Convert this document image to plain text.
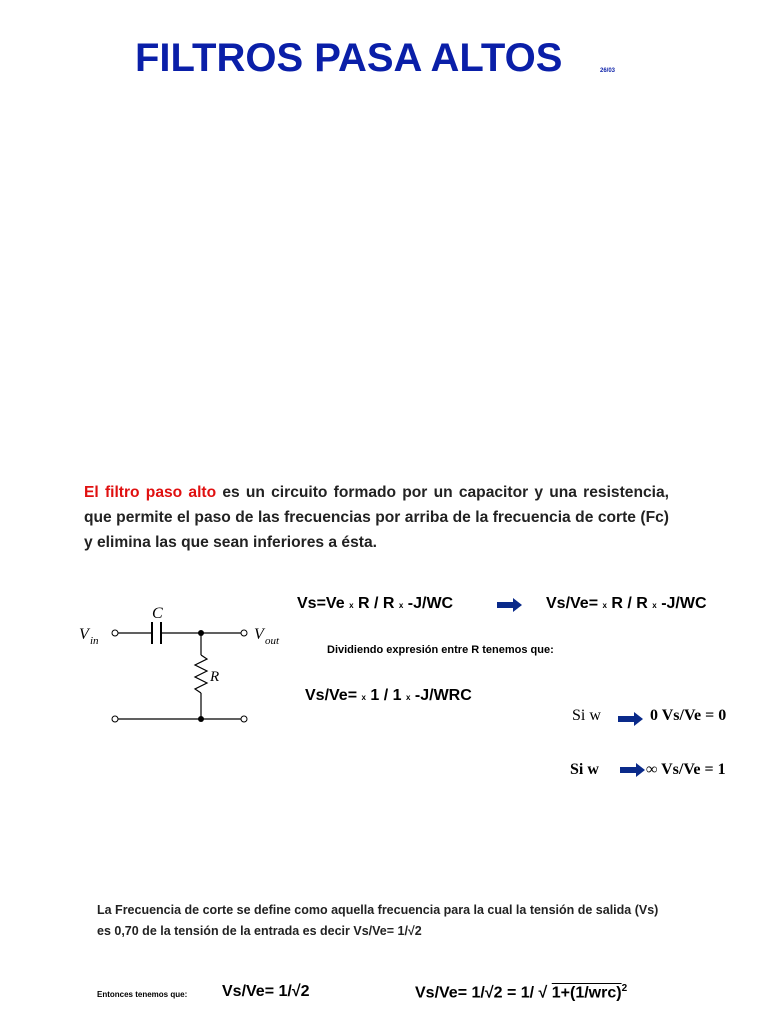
FILTROS PASA ALTOS	26/03
El filtro paso alto es un circuito formado por un capacitor y una resistencia, que permite el paso de las frecuencias por arriba de la frecuencia de corte (Fc) y elimina las que sean inferiores a ésta.
C
R
V in	V out
Vs=Ve x R / R x -J/WC	Vs/Ve= x R / R x -J/WC
Dividiendo expresión entre R tenemos que:
Vs/Ve= x 1 / 1 x -J/WRC
Si w	0 Vs/Ve = 0
Si w	∞ Vs/Ve = 1
La Frecuencia de corte se define como aquella frecuencia para la cual la tensión de salida (Vs) es 0,70 de la tensión de la entrada es decir Vs/Ve= 1/√2
Entonces tenemos que: Vs/Ve= 1/√2	Vs/Ve= 1/√2 = 1/ √ $1+(1/wrc)^2$
